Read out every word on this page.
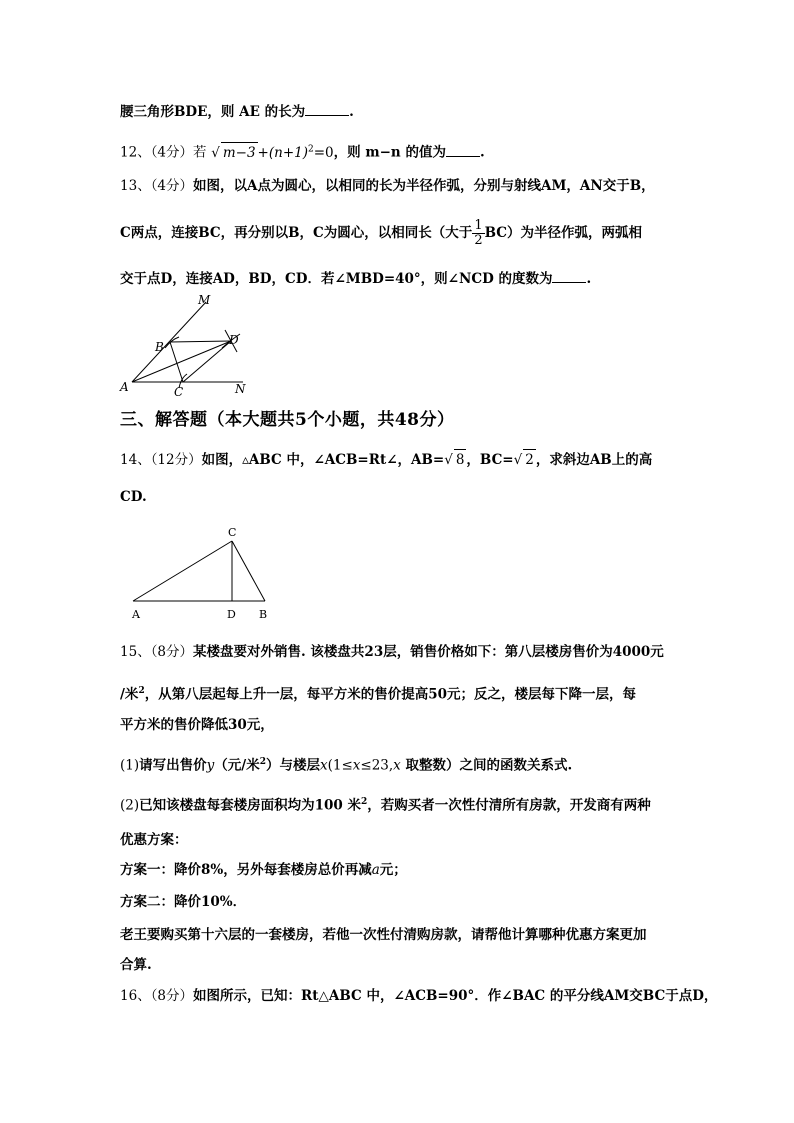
腰三角形BDE，则 AE 的长为	.
12、（4分）若 √ $m-3 +(n+1)^2=0$，则 m−n 的值为	.
13、（4分）如图，以A点为圆心，以相同的长为半径作弧，分别与射线AM，AN交于B，
C两点，连接BC，再分别以B，C为圆心，以相同长（大于 $\frac{1}{2} BC$）为半径作弧，两弧相
交于点D，连接AD，BD，CD．若∠MBD=40°，则∠NCD 的度数为	.
M
B	D
A	C	N
三、解答题（本大题共5个小题，共48分）
14、（12分）如图，▵ABC 中，∠ACB=Rt∠，AB=√ 8 ，BC=√ 2 ，求斜边AB上的高
CD.
C
A	D B
15、（8分）某楼盘要对外销售. 该楼盘共23层，销售价格如下：第八层楼房售价为4000元
/米$^2$，从第八层起每上升一层，每平方米的售价提高50元；反之，楼层每下降一层，每
平方米的售价降低30元，
(1)请写出售价y（元/米$^2$）与楼层x(1≤x≤23,x 取整数）之间的函数关系式.
(2)已知该楼盘每套楼房面积均为100 米$^2$，若购买者一次性付清所有房款，开发商有两种
优惠方案：
方案一：降价8%，另外每套楼房总价再减a元；
方案二：降价10%．
老王要购买第十六层的一套楼房，若他一次性付清购房款，请帮他计算哪种优惠方案更加
合算.
16、（8分）如图所示，已知：Rt△ABC 中，∠ACB=90°．作∠BAC 的平分线AM交BC于点D，
